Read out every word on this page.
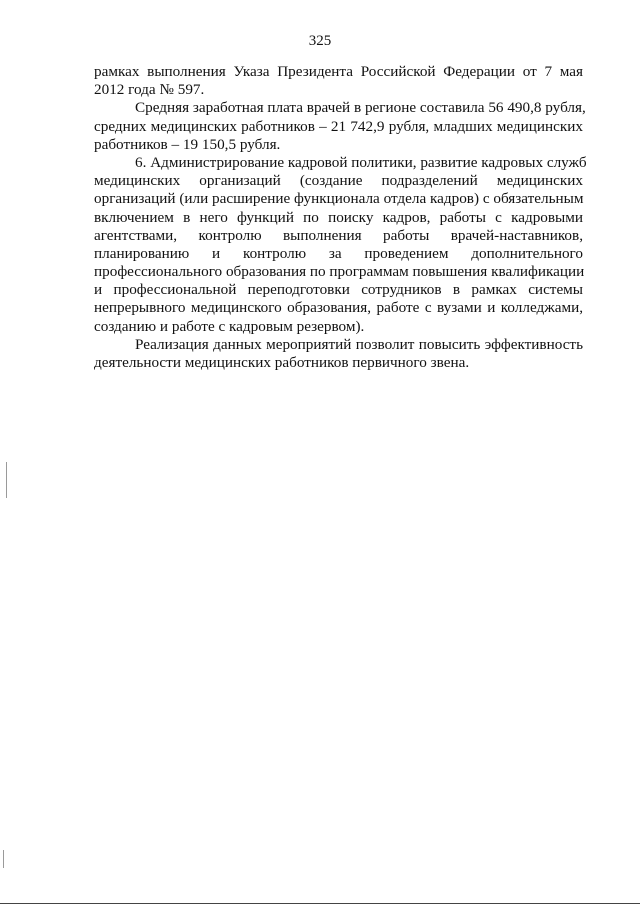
325

рамках выполнения Указа Президента Российской Федерации от 7 мая
2012 года № 597.

Средняя заработная плата врачей в регионе составила 56 490,8 рубля,
средних медицинских работников – 21 742,9 рубля, младших медицинских
работников – 19 150,5 рубля.

6. Администрирование кадровой политики, развитие кадровых служб
медицинских организаций (создание подразделений медицинских
организаций (или расширение функционала отдела кадров) с обязательным
включением в него функций по поиску кадров, работы с кадровыми
агентствами, контролю выполнения работы врачей-наставников,
планированию и контролю за проведением дополнительного
профессионального образования по программам повышения квалификации
и профессиональной переподготовки сотрудников в рамках системы
непрерывного медицинского образования, работе с вузами и колледжами,
созданию и работе с кадровым резервом).

Реализация данных мероприятий позволит повысить эффективность
деятельности медицинских работников первичного звена.
